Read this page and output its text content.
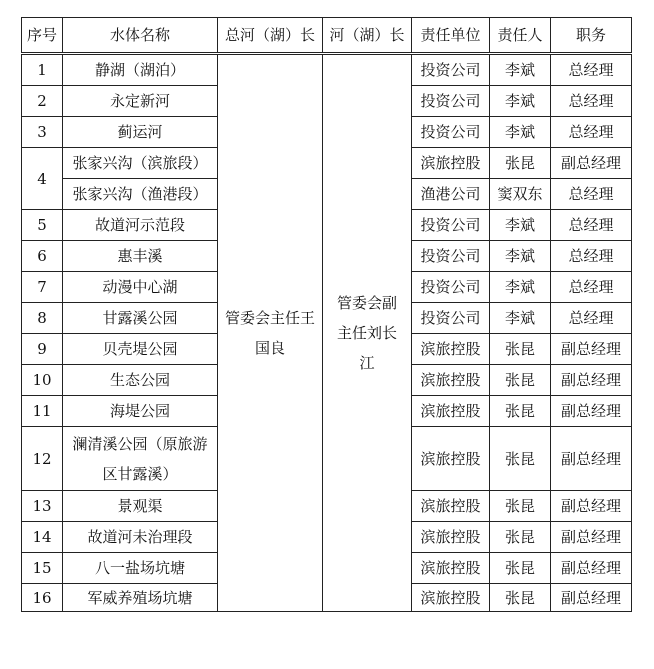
序号	水体名称	总河（湖）长	河（湖）长	责任单位	责任人	职务
1	静湖（湖泊）	管委会主任王国良	管委会副主任刘长江	投资公司	李斌	总经理
2	永定新河			投资公司	李斌	总经理
3	蓟运河			投资公司	李斌	总经理
4	张家兴沟（滨旅段）			滨旅控股	张昆	副总经理
	张家兴沟（渔港段）			渔港公司	窦双东	总经理
5	故道河示范段			投资公司	李斌	总经理
6	惠丰溪			投资公司	李斌	总经理
7	动漫中心湖			投资公司	李斌	总经理
8	甘露溪公园			投资公司	李斌	总经理
9	贝壳堤公园			滨旅控股	张昆	副总经理
10	生态公园			滨旅控股	张昆	副总经理
11	海堤公园			滨旅控股	张昆	副总经理
12	澜清溪公园（原旅游区甘露溪）			滨旅控股	张昆	副总经理
13	景观渠			滨旅控股	张昆	副总经理
14	故道河未治理段			滨旅控股	张昆	副总经理
15	八一盐场坑塘			滨旅控股	张昆	副总经理
16	军威养殖场坑塘			滨旅控股	张昆	副总经理
